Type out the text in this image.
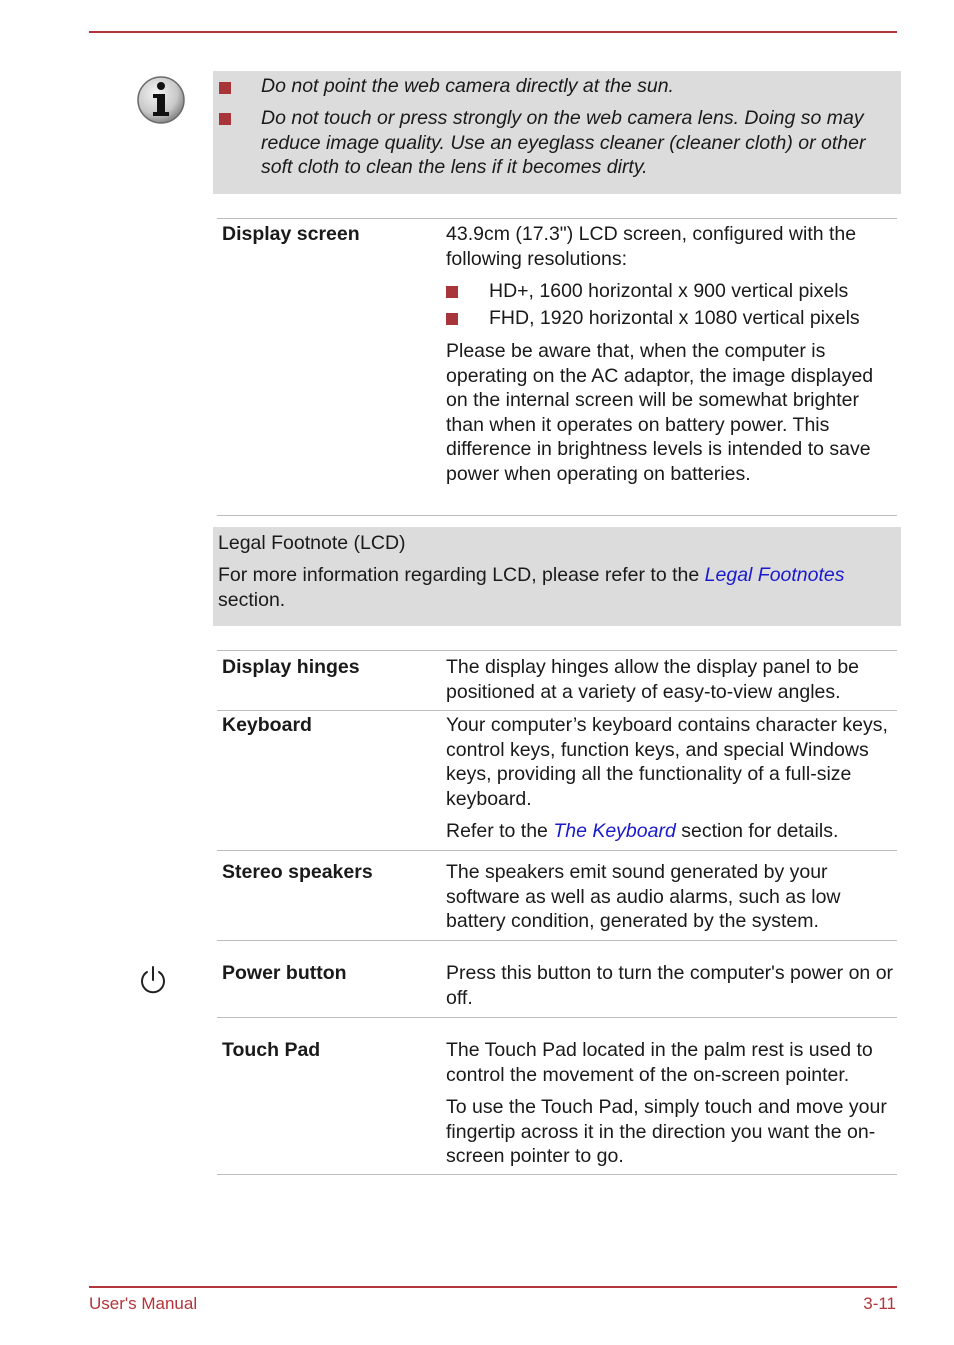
Do not point the web camera directly at the sun.
Do not touch or press strongly on the web camera lens. Doing so may reduce image quality. Use an eyeglass cleaner (cleaner cloth) or other soft cloth to clean the lens if it becomes dirty.
Display screen	43.9cm (17.3") LCD screen, configured with the following resolutions:
HD+, 1600 horizontal x 900 vertical pixels
FHD, 1920 horizontal x 1080 vertical pixels
Please be aware that, when the computer is operating on the AC adaptor, the image displayed on the internal screen will be somewhat brighter than when it operates on battery power. This difference in brightness levels is intended to save power when operating on batteries.
Legal Footnote (LCD)
For more information regarding LCD, please refer to the Legal Footnotes section.
Display hinges	The display hinges allow the display panel to be positioned at a variety of easy-to-view angles.
Keyboard	Your computer’s keyboard contains character keys, control keys, function keys, and special Windows keys, providing all the functionality of a full-size keyboard.
Refer to the The Keyboard section for details.
Stereo speakers	The speakers emit sound generated by your software as well as audio alarms, such as low battery condition, generated by the system.
Power button	Press this button to turn the computer's power on or off.
Touch Pad	The Touch Pad located in the palm rest is used to control the movement of the on-screen pointer.
To use the Touch Pad, simply touch and move your fingertip across it in the direction you want the on-screen pointer to go.
User's Manual	3-11
